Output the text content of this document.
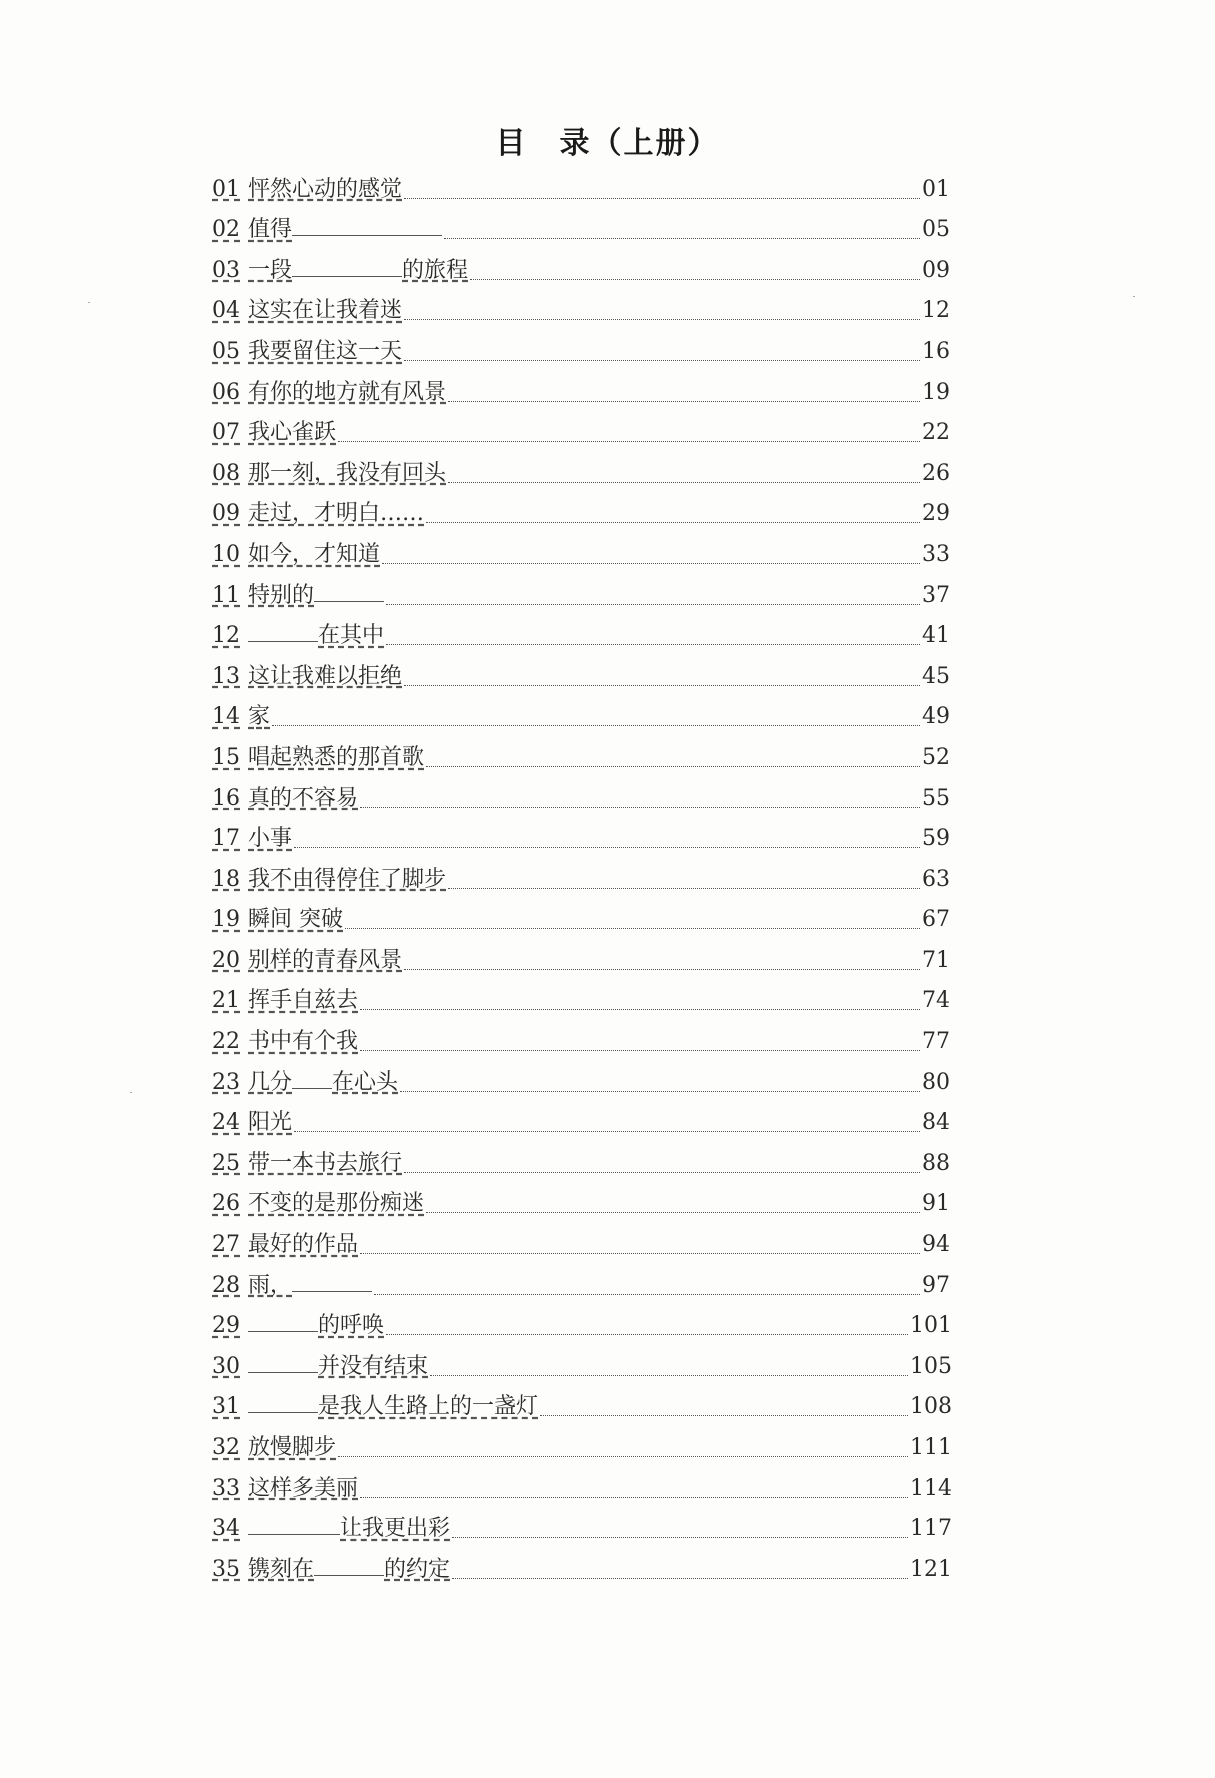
目　录（上册）
01 怦然心动的感觉	01
02 值得	05
03 一段	的旅程	09
04 这实在让我着迷	12
05 我要留住这一天	16
06 有你的地方就有风景	19
07 我心雀跃	22
08 那一刻，我没有回头	26
09 走过，才明白……	29
10 如今，才知道	33
11 特别的	37
12	在其中	41
13 这让我难以拒绝	45
14 家	49
15 唱起熟悉的那首歌	52
16 真的不容易	55
17 小事	59
18 我不由得停住了脚步	63
19 瞬间 突破	67
20 别样的青春风景	71
21 挥手自兹去	74
22 书中有个我	77
23 几分 在心头	80
24 阳光	84
25 带一本书去旅行	88
26 不变的是那份痴迷	91
27 最好的作品	94
28 雨，	97
29	的呼唤	101
30	并没有结束	105
31	是我人生路上的一盏灯	108
32 放慢脚步	111
33 这样多美丽	114
34	让我更出彩	117
35 镌刻在	的约定	121
